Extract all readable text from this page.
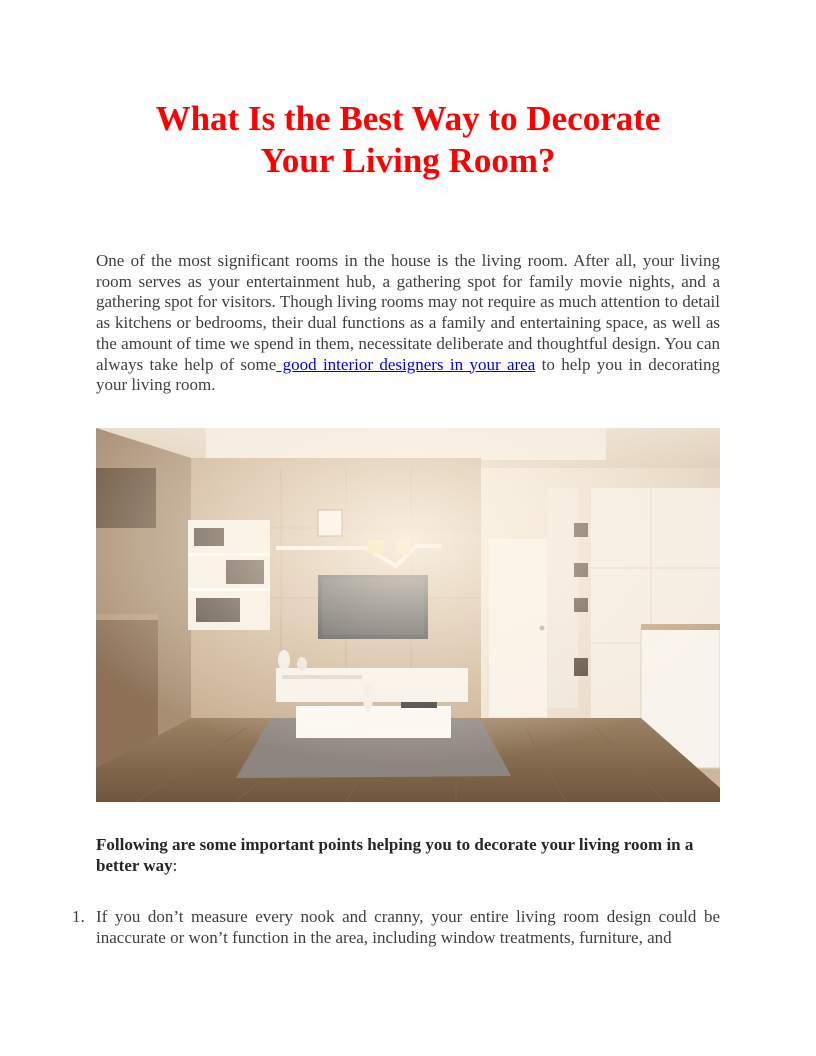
What Is the Best Way to Decorate
Your Living Room?

One of the most significant rooms in the house is the living room. After all, your living room serves as your entertainment hub, a gathering spot for family movie nights, and a gathering spot for visitors. Though living rooms may not require as much attention to detail as kitchens or bedrooms, their dual functions as a family and entertaining space, as well as the amount of time we spend in them, necessitate deliberate and thoughtful design. You can always take help of some good interior designers in your area to help you in decorating your living room.

Following are some important points helping you to decorate your living room in a better way:

1. If you don’t measure every nook and cranny, your entire living room design could be inaccurate or won’t function in the area, including window treatments, furniture, and
